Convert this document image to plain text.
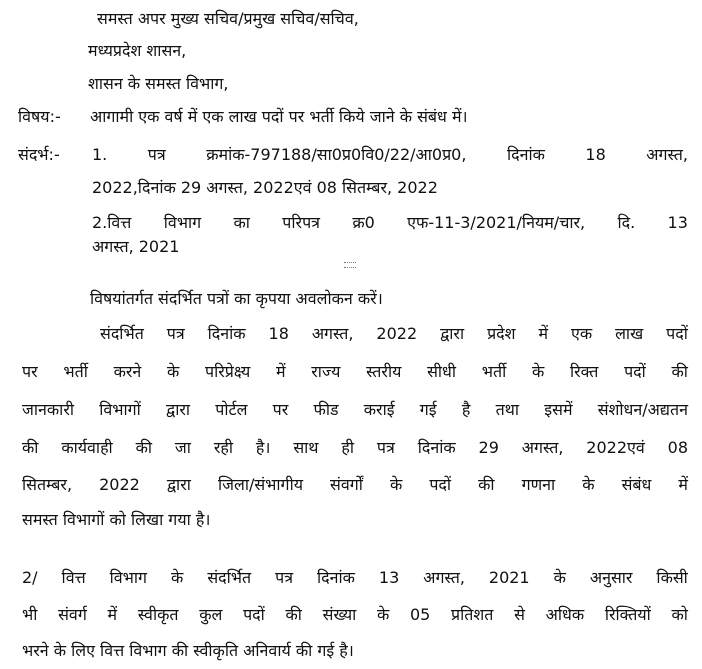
समस्त अपर मुख्य सचिव/प्रमुख सचिव/सचिव,
मध्यप्रदेश शासन,
शासन के समस्त विभाग,
विषय:- आगामी एक वर्ष में एक लाख पदों पर भर्ती किये जाने के संबंध में।
संदर्भ:- 1.	पत्र	क्रमांक-797188/सा0प्र0वि0/22/आ0प्र0,	दिनांक	18	अगस्त,
2022,दिनांक 29 अगस्त, 2022एवं 08 सितम्बर, 2022
2.वित्त विभाग का परिपत्र क्र0 एफ-11-3/2021/नियम/चार, दि. 13
अगस्त, 2021
विषयांतर्गत संदर्भित पत्रों का कृपया अवलोकन करें।
संदर्भित पत्र दिनांक 18 अगस्त, 2022 द्वारा प्रदेश में एक लाख पदों
पर भर्ती करने के परिप्रेक्ष्य में राज्य स्तरीय सीधी भर्ती के रिक्त पदों की
जानकारी विभागों द्वारा पोर्टल पर फीड कराई गई है तथा इसमें संशोधन/अद्यतन
की कार्यवाही की जा रही है। साथ ही पत्र दिनांक 29 अगस्त, 2022एवं 08
सितम्बर, 2022 द्वारा जिला/संभागीय संवर्गों के पदों की गणना के संबंध में
समस्त विभागों को लिखा गया है।
2/ वित्त विभाग के संदर्भित पत्र दिनांक 13 अगस्त, 2021 के अनुसार किसी
भी संवर्ग में स्वीकृत कुल पदों की संख्या के 05 प्रतिशत से अधिक रिक्तियों को
भरने के लिए वित्त विभाग की स्वीकृति अनिवार्य की गई है।
